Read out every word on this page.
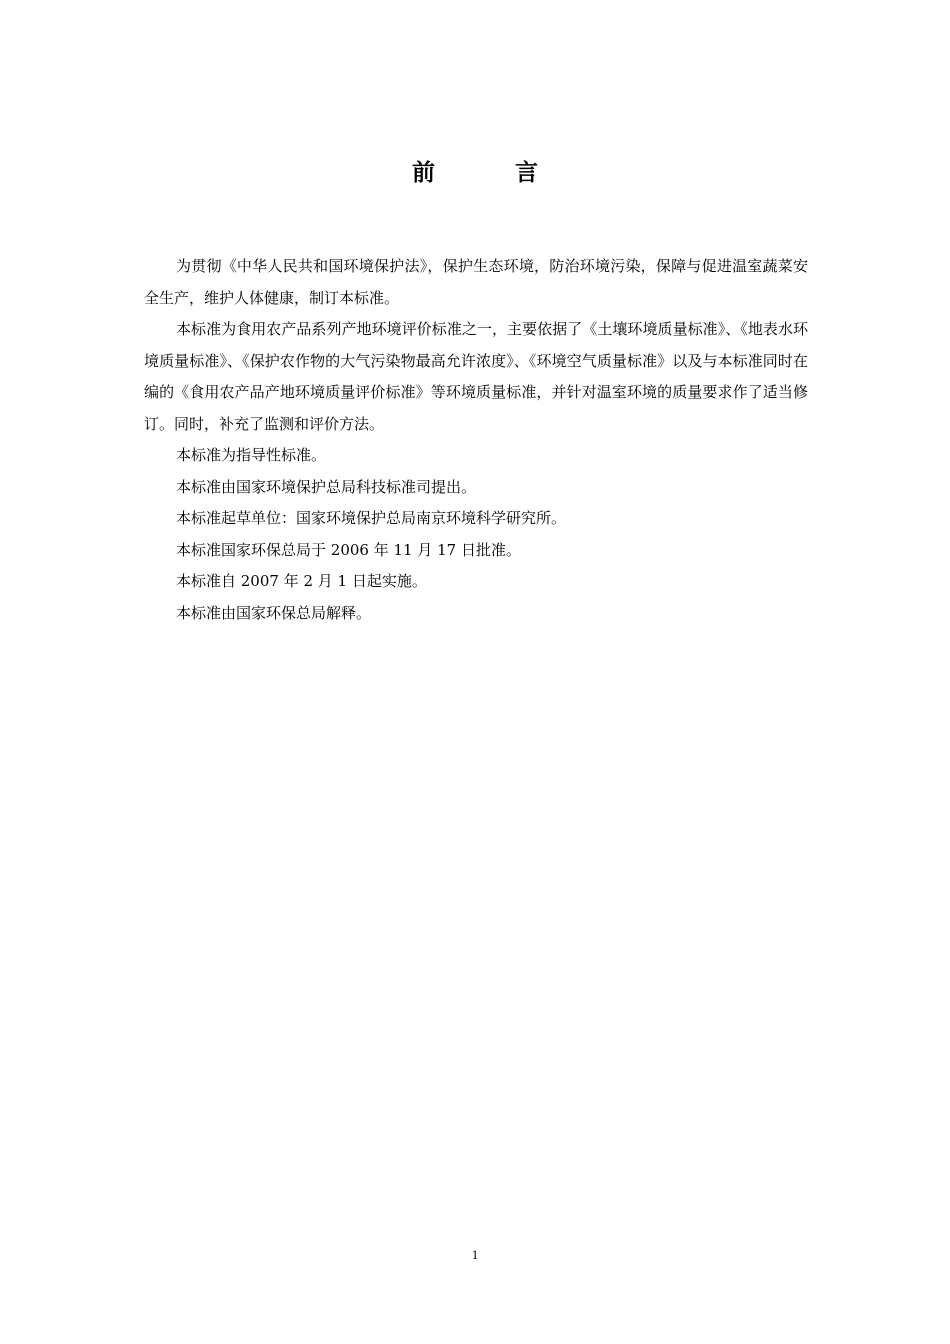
前 言

为贯彻《中华人民共和国环境保护法》，保护生态环境，防治环境污染，保障与促进温室蔬菜安全生产，维护人体健康，制订本标准。

本标准为食用农产品系列产地环境评价标准之一，主要依据了《土壤环境质量标准》、《地表水环境质量标准》、《保护农作物的大气污染物最高允许浓度》、《环境空气质量标准》以及与本标准同时在编的《食用农产品产地环境质量评价标准》等环境质量标准，并针对温室环境的质量要求作了适当修订。同时，补充了监测和评价方法。

本标准为指导性标准。

本标准由国家环境保护总局科技标准司提出。

本标准起草单位：国家环境保护总局南京环境科学研究所。

本标准国家环保总局于 2006 年 11 月 17 日批准。

本标准自 2007 年 2 月 1 日起实施。

本标准由国家环保总局解释。

1
